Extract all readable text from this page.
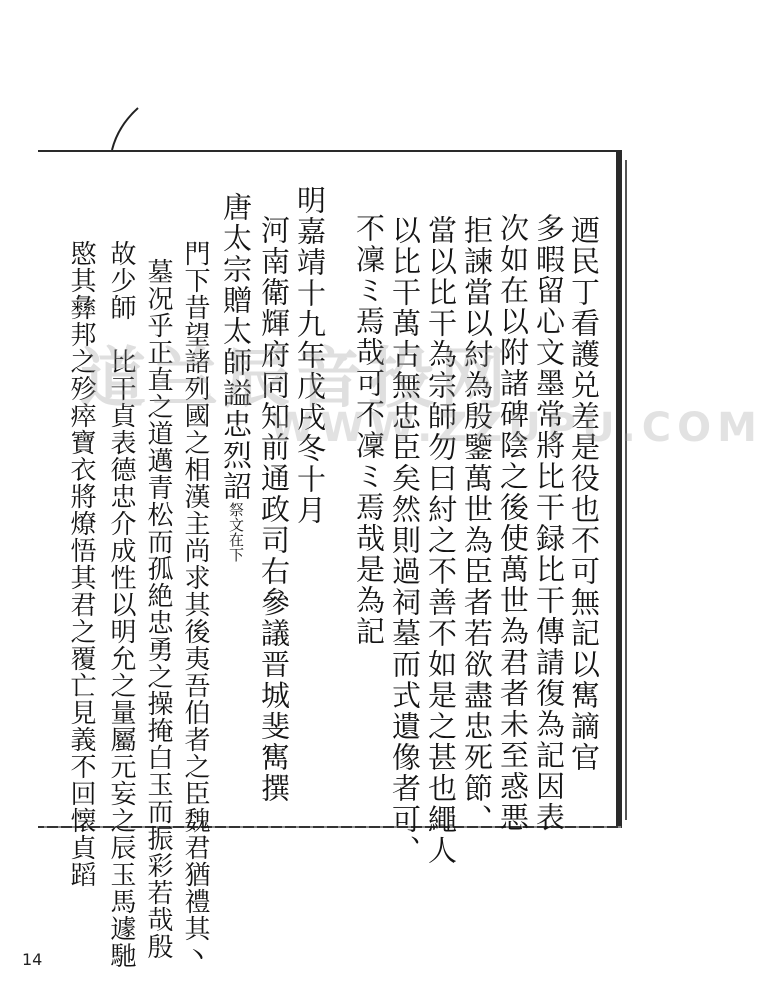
迺民丁看護兑差是役也不可無記以寯謫官
多暇留心文墨常將比干録比干傳請復為記因表
次如在以附諸碑陰之後使萬世為君者未至惑悪
拒諫當以紂為殷鑒萬世為臣者若欲盡忠死節、
當以比干為宗師勿曰紂之不善不如是之甚也繩人
以比干萬古無忠臣矣然則過祠墓而式遺像者可、
不凜ミ焉哉可不凜ミ焉哉是為記
明嘉靖十九年戊戌冬十月
河南衛輝府同知前通政司右參議晋城斐寯撰
唐太宗贈太師謚忠烈詔祭文在下
門下昔望諸列國之相漢主尚求其後夷吾伯者之臣魏君猶禮其丶
墓况乎正直之道邁青松而孤絶忠勇之操掩白玉而振彩若哉殷
故少師　比干貞表德忠介成性以明允之量屬元妄之辰玉馬遽馳
愍其彝邦之殄瘁寶衣將燎悟其君之覆亡見義不回懐貞蹈
道兰辰音投网
WWW.ZZUPU.COM
14
